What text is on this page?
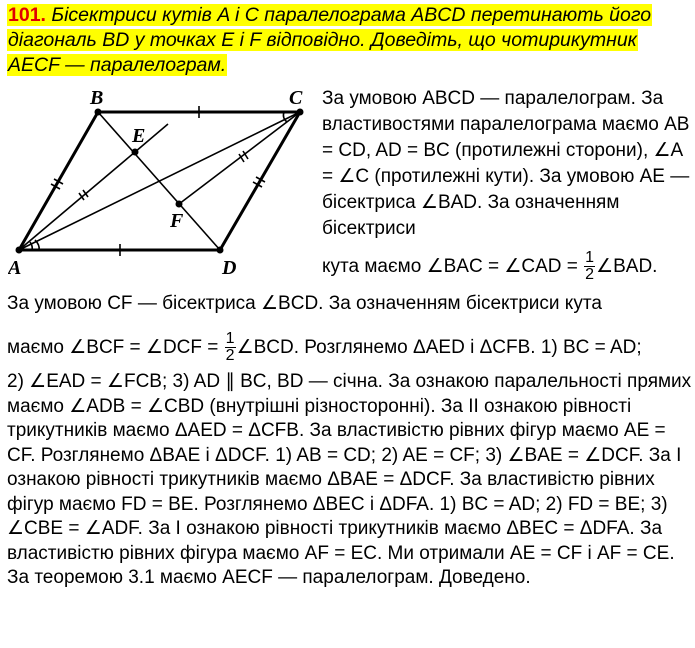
101. Бісектриси кутів A і C паралелограма ABCD перетинають його діагональ BD у точках E і F відповідно. Доведіть, що чотирикутник AECF — паралелограм.
A
B	C
D
E
F
За умовою ABCD — паралелограм. За властивостями паралелограма маємо AB = CD, AD = BC (протилежні сторони), ∠A = ∠C (протилежні кути). За умовою AE — бісектриса ∠BAD. За означенням бісектриси
кута маємо ∠BAC = ∠CAD = $\frac{1}{2}$ ∠BAD.
За умовою CF — бісектриса ∠BCD. За означенням бісектриси кута
маємо ∠BCF = ∠DCF = $\frac{1}{2}$ ∠BCD. Розглянемо ΔAED і ΔCFB. 1) BC = AD;
2) ∠EAD = ∠FCB; 3) AD ∥ BC, BD — січна. За ознакою паралельності прямих маємо ∠ADB = ∠CBD (внутрішні різносторонні). За II ознакою рівності трикутників маємо ΔAED = ΔCFB. За властивістю рівних фігур маємо AE = CF. Розглянемо ΔBAE і ΔDCF. 1) AB = CD; 2) AE = CF; 3) ∠BAE = ∠DCF. За I ознакою рівності трикутників маємо ΔBAE = ΔDCF. За властивістю рівних фігур маємо FD = BE. Розглянемо ΔBEC і ΔDFA. 1) BC = AD; 2) FD = BE; 3) ∠CBE = ∠ADF. За I ознакою рівності трикутників маємо ΔBEC = ΔDFA. За властивістю рівних фігура маємо AF = EC. Ми отримали AE = CF і AF = CE. За теоремою 3.1 маємо AECF — паралелограм. Доведено.
